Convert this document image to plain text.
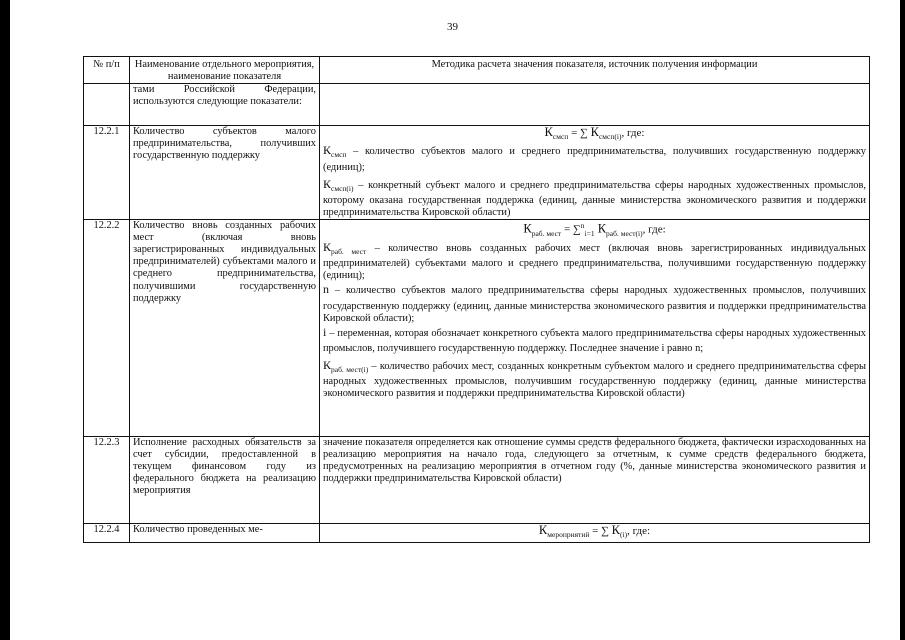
39
№ п/п	Наименование отдельного мероприятия, наименование показателя	Методика расчета значения показателя, источник получения информации
	тами Российской Федерации, используются следующие показатели:	
12.2.1	Количество субъектов малого предпринимательства, получивших государственную поддержку	$К_{смсп}$ = ∑ $К_{смсп(i)}$, где:

$К_{смсп}$ – количество субъектов малого и среднего предпринимательства, получивших государственную поддержку (единиц);

$К_{смсп(i)}$ – конкретный субъект малого и среднего предпринимательства сферы народных художественных промыслов, которому оказана государственная поддержка (единиц, данные министерства экономического развития и поддержки предпринимательства Кировской области)

12.2.2	Количество вновь созданных рабочих мест (включая вновь зарегистрированных индивидуальных предпринимателей) субъектами малого и среднего предпринимательства, получившими государственную поддержку	$К_{раб. мест} = \sum^n_{i=1}$ $К_{раб. мест(i)}$, где:

$К_{раб. мест}$ – количество вновь созданных рабочих мест (включая вновь зарегистрированных индивидуальных предпринимателей) субъектами малого и среднего предпринимательства, получившими государственную поддержку (единиц);

n – количество субъектов малого предпринимательства сферы народных художественных промыслов, получивших государственную поддержку (единиц, данные министерства экономического развития и поддержки предпринимательства Кировской области);

i – переменная, которая обозначает конкретного субъекта малого предпринимательства сферы народных художественных промыслов, получившего государственную поддержку. Последнее значение i равно n;

$К_{раб. мест(i)}$ – количество рабочих мест, созданных конкретным субъектом малого и среднего предпринимательства сферы народных художественных промыслов, получившим государственную поддержку (единиц, данные министерства экономического развития и поддержки предпринимательства Кировской области)

12.2.3	Исполнение расходных обязательств за счет субсидии, предоставленной в текущем финансовом году из федерального бюджета на реализацию мероприятия	значение показателя определяется как отношение суммы средств федерального бюджета, фактически израсходованных на реализацию мероприятия на начало года, следующего за отчетным, к сумме средств федерального бюджета, предусмотренных на реализацию мероприятия в отчетном году (%, данные министерства экономического развития и поддержки предпринимательства Кировской области)
12.2.4	Количество проведенных ме-	$К_{мероприятий}$ = ∑ $К_{(i)}$, где:
